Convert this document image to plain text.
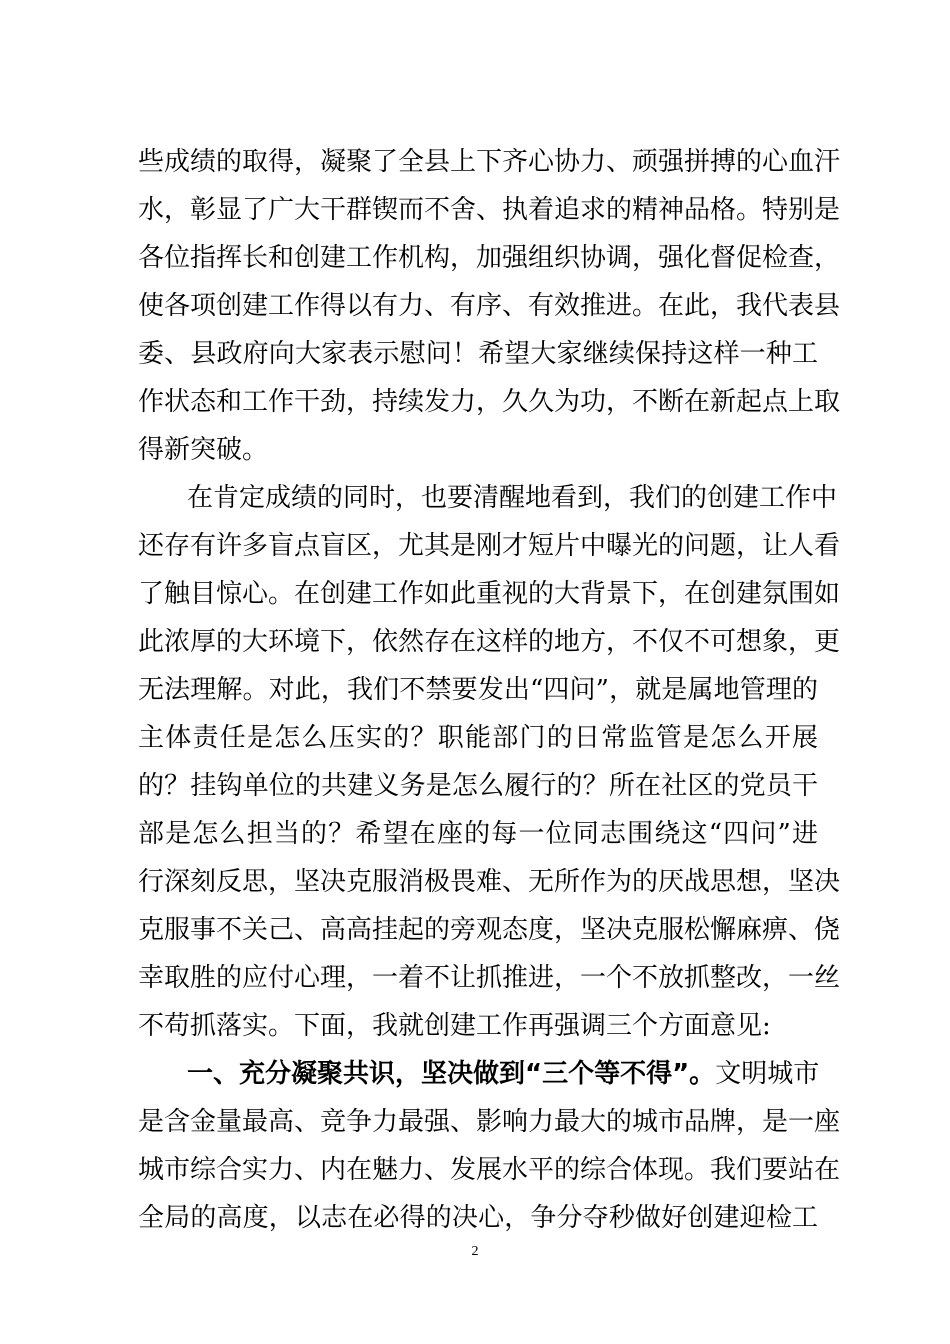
些成绩的取得，凝聚了全县上下齐心协力、顽强拼搏的心血汗
水，彰显了广大干群锲而不舍、执着追求的精神品格。特别是
各位指挥长和创建工作机构，加强组织协调，强化督促检查，
使各项创建工作得以有力、有序、有效推进。在此，我代表县
委、县政府向大家表示慰问！希望大家继续保持这样一种工
作状态和工作干劲，持续发力，久久为功，不断在新起点上取
得新突破。
在肯定成绩的同时，也要清醒地看到，我们的创建工作中
还存有许多盲点盲区，尤其是刚才短片中曝光的问题，让人看
了触目惊心。在创建工作如此重视的大背景下，在创建氛围如
此浓厚的大环境下，依然存在这样的地方，不仅不可想象，更
无法理解。对此，我们不禁要发出“四问”，就是属地管理的
主体责任是怎么压实的？职能部门的日常监管是怎么开展
的？挂钩单位的共建义务是怎么履行的？所在社区的党员干
部是怎么担当的？希望在座的每一位同志围绕这“四问”进
行深刻反思，坚决克服消极畏难、无所作为的厌战思想，坚决
克服事不关己、高高挂起的旁观态度，坚决克服松懈麻痹、侥
幸取胜的应付心理，一着不让抓推进，一个不放抓整改，一丝
不苟抓落实。下面，我就创建工作再强调三个方面意见:
一、充分凝聚共识，坚决做到“三个等不得”。文明城市
是含金量最高、竞争力最强、影响力最大的城市品牌，是一座
城市综合实力、内在魅力、发展水平的综合体现。我们要站在
全局的高度，以志在必得的决心，争分夺秒做好创建迎检工
2
